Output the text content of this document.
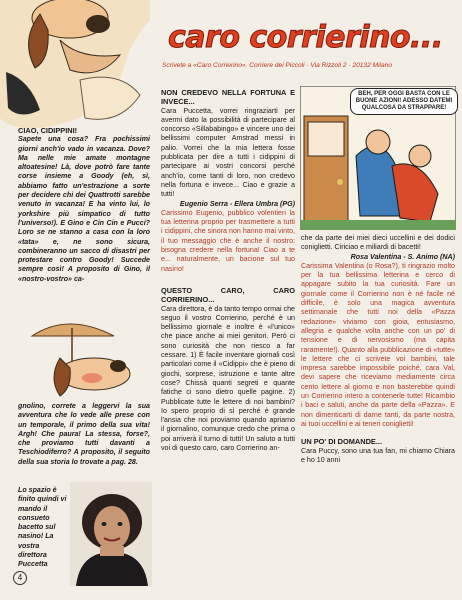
caro corrierino...
Scrivete a «Caro Corrierino». Corriere dei Piccoli · Via Rizzoli 2 · 20132 Milano

CIAO, CIDIPPINI!

Sapete una cosa? Fra pochissimi giorni anch'io vado in vacanza. Dove? Ma nelle mie amate montagne altoatesine! Là, dove potrò fare tante corse insieme a Goody (eh, sì, abbiamo fatto un'estrazione a sorte per decidere chi dei Quattrotti sarebbe venuto in vacanza! E ha vinto lui, lo yorkshire più simpatico di tutto l'universo!). E Gino e Cin Cin e Pucci? Loro se ne stanno a casa con la loro «tata» e, ne sono sicura, combineranno un sacco di disastri per protestare contro Goody! Succede sempre così! A proposito di Gino, il «nostro-vostro» ca-

gnolino, correte a leggervi la sua avventura che lo vede alle prese con un temporale, il primo della sua vita! Argh! Che paura! La stessa, forse?, che proviamo tutti davanti a Teschiodiferro? A proposito, il seguito della sua storia lo trovate a pag. 28.

Lo spazio è finito quindi vi mando il consueto bacetto sul nasino! La vostra direttora Puccetta

4

NON CREDEVO NELLA FORTUNA E INVECE...

Cara Puccetta, vorrei ringraziarti per avermi dato la possibilità di partecipare al concorso «Sillababingo» e vincere uno dei bellissimi computer Amstrad messi in palio. Vorrei che la mia lettera fosse pubblicata per dire a tutti i cidippini di partecipare ai vostri concorsi perché anch'io, come tanti di loro, non credevo nella fortuna e invece... Ciao e grazie a tutti!

Eugenio Serra - Ellera Umbra (PG)

Carissimo Eugenio, pubblico volentieri la tua letterina proprio per trasmettere a tutti i cidippini, che sinora non hanno mai vinto, il tuo messaggio che è anche il nostro: bisogna credere nella fortuna! Ciao a te e... naturalmente, un bacione sul tuo nasino!

QUESTO CARO, CARO CORRIERINO...

Cara direttora, è da tanto tempo ormai che seguo il vostro Corrierino, perché è un bellissimo giornale e inoltre è «l'unico» che piace anche ai miei genitori. Però ci sono curiosità che non riesco a far cessare. 1) È facile inventare giornali così particolari come il «Cidippi» che è pieno di giochi, sorprese, istruzione e tante altre cose? Chissà quanti segreti e quante fatiche ci sono dietro quelle pagine. 2) Pubblicate tutte le lettere di noi bambini? Io spero proprio di sì perché è grande l'ansia che noi proviamo quando apriamo il giornalino, comunque credo che prima o poi arriverà il turno di tutti! Un saluto a tutti voi di questo caro, caro Corrierino an-

BEH, PER OGGI BASTA CON LE BUONE AZIONI! ADESSO DATEMI QUALCOSA DA STRAPPARE!

che da parte dei miei dieci uccellini e dei dodici coniglietti. Ciriciao e miliardi di bacetti!

Rosa Valentina - S. Animo (NA)

Carissima Valentina (o Rosa?), ti ringrazio molto per la tua bellissima letterina e cerco di appagare subito la tua curiosità. Fare un giornale come il Corrierino non è né facile né difficile, è solo una magica avventura settimanale che tutti noi della «Pazza redazione» viviamo con gioia, entusiasmo, allegria e qualche volta anche con un po' di tensione e di nervosismo (ma capita raramente!). Quanto alla pubblicazione di «tutte» le lettere che ci scrivete voi bambini, tale impresa sarebbe impossibile poiché, cara Val, devi sapere che riceviamo mediamente circa cento lettere al giorno e non basterebbe quindi un Corrierino intero a contenerle tutte! Ricambio i baci e saluti, anche da parte della «Pazza». E non dimenticarti di darne tanti, da parte nostra, ai tuoi uccellini e ai teneri coniglietti!

UN PO' DI DOMANDE...

Cara Puccy, sono una tua fan, mi chiamo Chiara e ho 10 anni
